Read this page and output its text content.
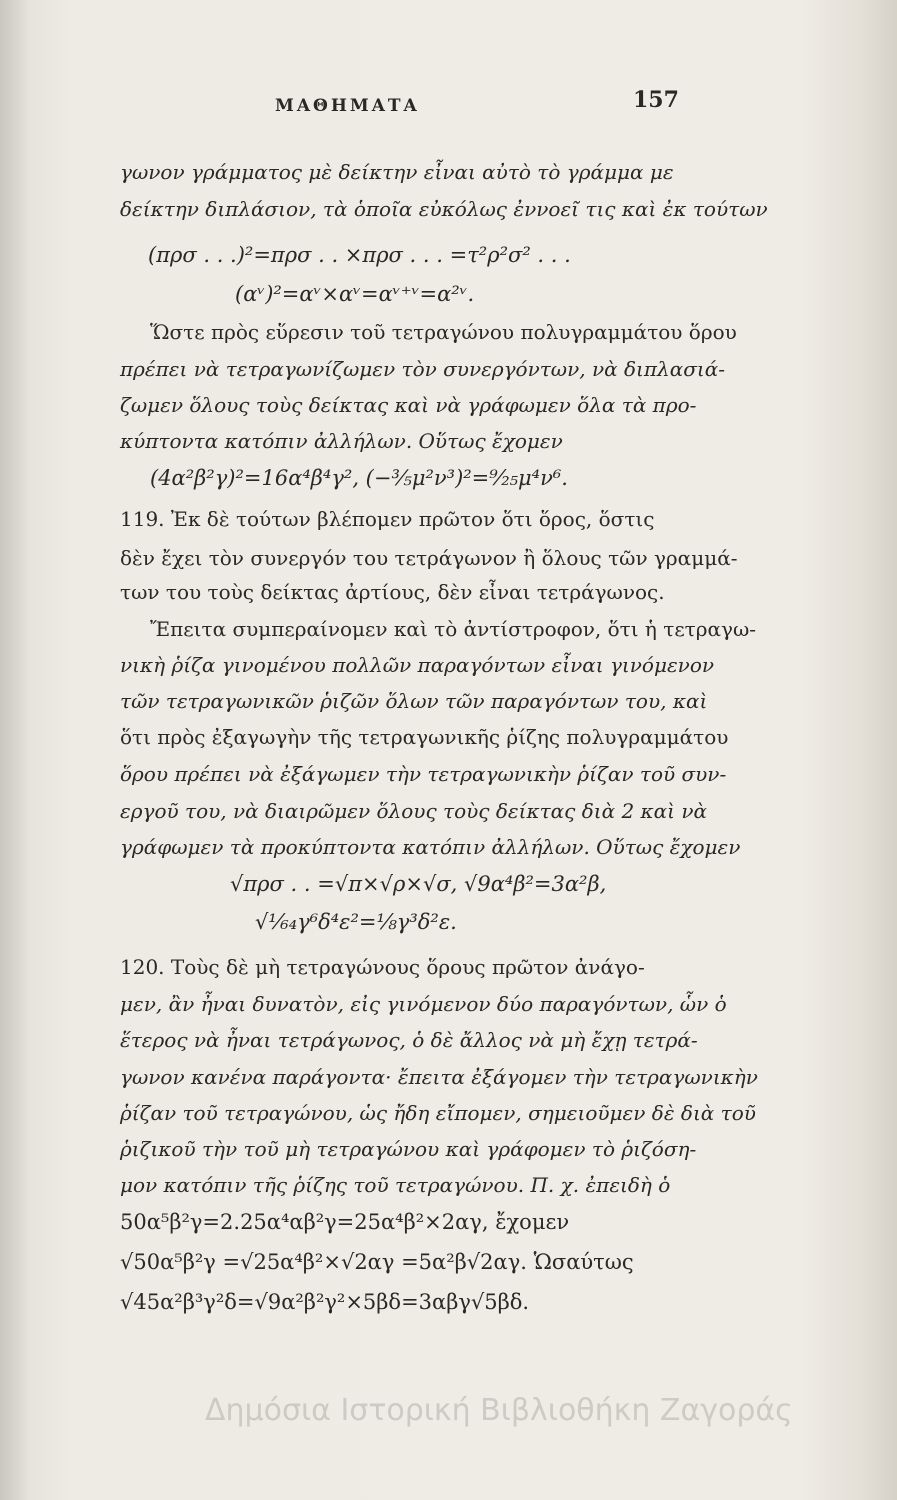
ΜΑΘΗΜΑΤΑ	157
γωνον γράμματος μὲ δείκτην εἶναι αὐτὸ τὸ γράμμα με
δείκτην διπλάσιον, τὰ ὁποῖα εὐκόλως ἐννοεῖ τις καὶ ἐκ τούτων
(πρσ . . .)²=πρσ . . ×πρσ . . . =τ²ρ²σ² . . .
(αᵛ)²=αᵛ×αᵛ=αᵛ⁺ᵛ=α²ᵛ.
Ὥστε πρὸς εὕρεσιν τοῦ τετραγώνου πολυγραμμάτου ὅρου
πρέπει νὰ τετραγωνίζωμεν τὸν συνεργόντων, νὰ διπλασιά-
ζωμεν ὅλους τοὺς δείκτας καὶ νὰ γράφωμεν ὅλα τὰ προ-
κύπτοντα κατόπιν ἀλλήλων. Οὕτως ἔχομεν
(4α²β²γ)²=16α⁴β⁴γ², (−⅗μ²ν³)²=⁹⁄₂₅μ⁴ν⁶.
119. Ἐκ δὲ τούτων βλέπομεν πρῶτον ὅτι ὅρος, ὅστις
δὲν ἔχει τὸν συνεργόν του τετράγωνον ἢ ὅλους τῶν γραμμά-
των του τοὺς δείκτας ἀρτίους, δὲν εἶναι τετράγωνος.
Ἔπειτα συμπεραίνομεν καὶ τὸ ἀντίστροφον, ὅτι ἡ τετραγω-
νικὴ ῥίζα γινομένου πολλῶν παραγόντων εἶναι γινόμενον
τῶν τετραγωνικῶν ῥιζῶν ὅλων τῶν παραγόντων του, καὶ
ὅτι πρὸς ἐξαγωγὴν τῆς τετραγωνικῆς ῥίζης πολυγραμμάτου
ὅρου πρέπει νὰ ἐξάγωμεν τὴν τετραγωνικὴν ῥίζαν τοῦ συν-
εργοῦ του, νὰ διαιρῶμεν ὅλους τοὺς δείκτας διὰ 2 καὶ νὰ
γράφωμεν τὰ προκύπτοντα κατόπιν ἀλλήλων. Οὕτως ἔχομεν
√πρσ . . =√π×√ρ×√σ, √9α⁴β²=3α²β,
√¹⁄₆₄γ⁶δ⁴ε²=⅛γ³δ²ε.
120. Τοὺς δὲ μὴ τετραγώνους ὅρους πρῶτον ἀνάγο-
μεν, ἂν ἦναι δυνατὸν, εἰς γινόμενον δύο παραγόντων, ὧν ὁ
ἕτερος νὰ ἦναι τετράγωνος, ὁ δὲ ἄλλος νὰ μὴ ἔχῃ τετρά-
γωνον κανένα παράγοντα· ἔπειτα ἐξάγομεν τὴν τετραγωνικὴν
ῥίζαν τοῦ τετραγώνου, ὡς ἤδη εἴπομεν, σημειοῦμεν δὲ διὰ τοῦ
ῥιζικοῦ τὴν τοῦ μὴ τετραγώνου καὶ γράφομεν τὸ ῥιζόση-
μον κατόπιν τῆς ῥίζης τοῦ τετραγώνου. Π. χ. ἐπειδὴ ὁ
50α⁵β²γ=2.25α⁴αβ²γ=25α⁴β²×2αγ, ἔχομεν
√50α⁵β²γ =√25α⁴β²×√2αγ =5α²β√2αγ. Ὡσαύτως
√45α²β³γ²δ=√9α²β²γ²×5βδ=3αβγ√5βδ.
Δημόσια Ιστορική Βιβλιοθήκη Ζαγοράς
